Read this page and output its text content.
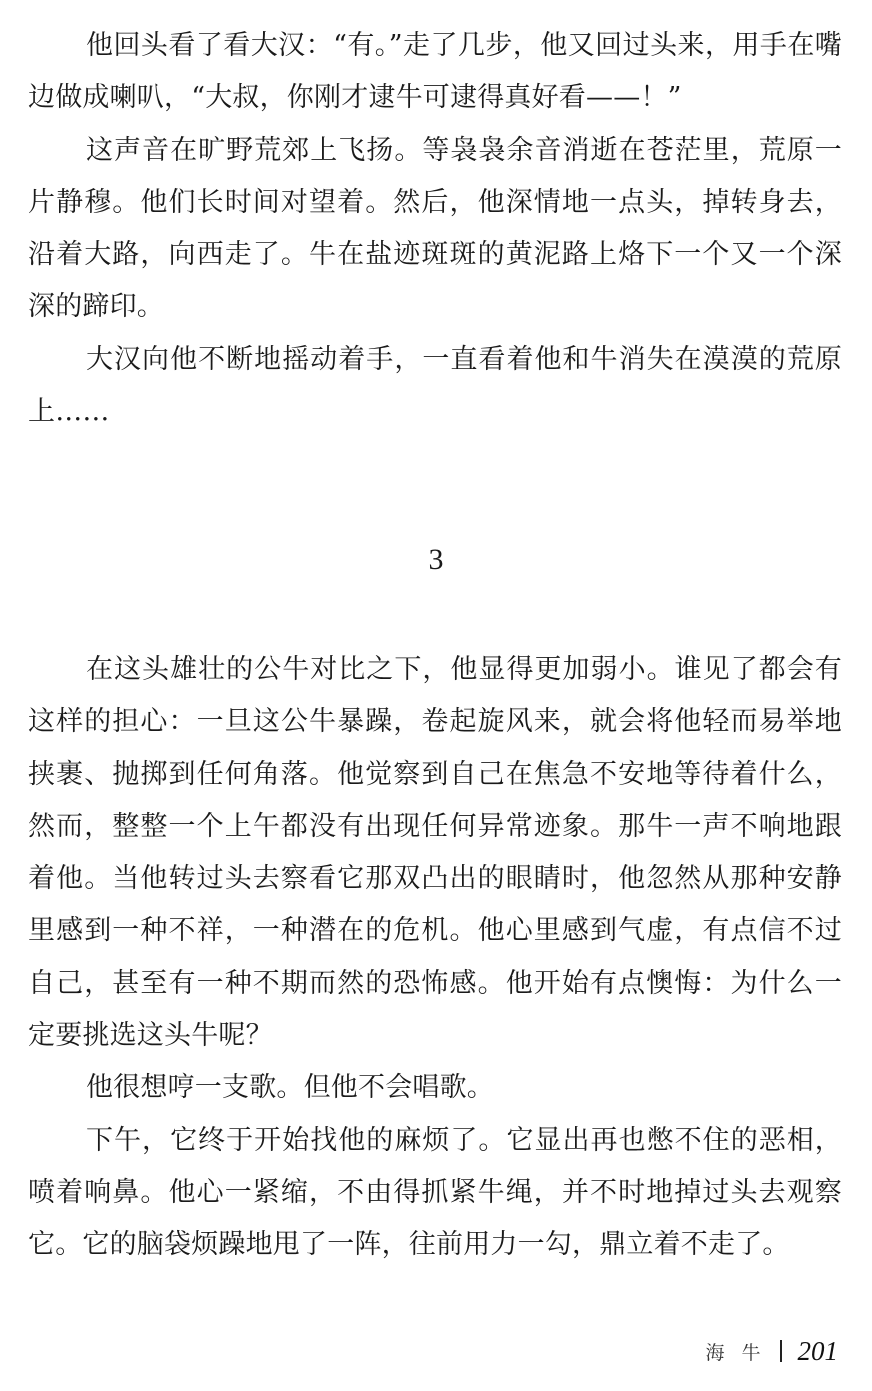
他回头看了看大汉：“有。”走了几步，他又回过头来，用手在嘴边做成喇叭，“大叔，你刚才逮牛可逮得真好看——！”

这声音在旷野荒郊上飞扬。等袅袅余音消逝在苍茫里，荒原一片静穆。他们长时间对望着。然后，他深情地一点头，掉转身去，沿着大路，向西走了。牛在盐迹斑斑的黄泥路上烙下一个又一个深深的蹄印。

大汉向他不断地摇动着手，一直看着他和牛消失在漠漠的荒原上……

3

在这头雄壮的公牛对比之下，他显得更加弱小。谁见了都会有这样的担心：一旦这公牛暴躁，卷起旋风来，就会将他轻而易举地挟裹、抛掷到任何角落。他觉察到自己在焦急不安地等待着什么，然而，整整一个上午都没有出现任何异常迹象。那牛一声不响地跟着他。当他转过头去察看它那双凸出的眼睛时，他忽然从那种安静里感到一种不祥，一种潜在的危机。他心里感到气虚，有点信不过自己，甚至有一种不期而然的恐怖感。他开始有点懊悔：为什么一定要挑选这头牛呢？

他很想哼一支歌。但他不会唱歌。

下午，它终于开始找他的麻烦了。它显出再也憋不住的恶相，喷着响鼻。他心一紧缩，不由得抓紧牛绳，并不时地掉过头去观察它。它的脑袋烦躁地甩了一阵，往前用力一勾，鼎立着不走了。

海牛 201
